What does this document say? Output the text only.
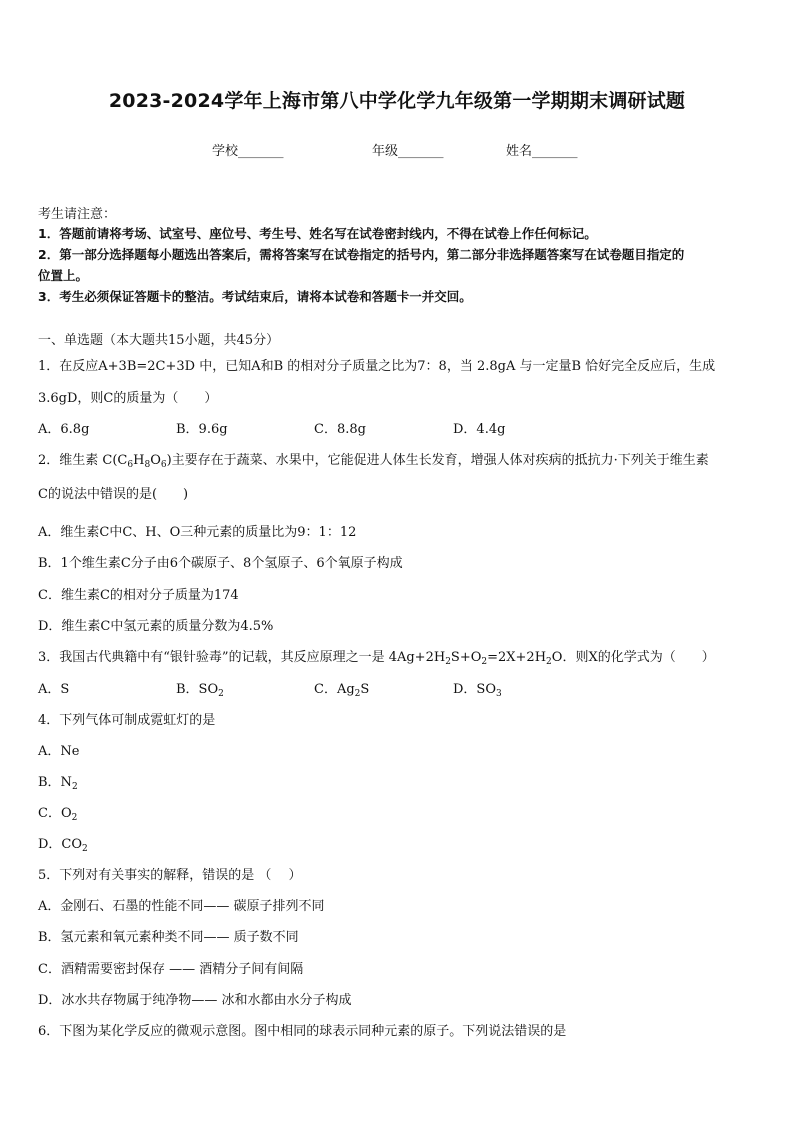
2023-2024学年上海市第八中学化学九年级第一学期期末调研试题
学校_______	年级_______	姓名_______
考生请注意：
1．答题前请将考场、试室号、座位号、考生号、姓名写在试卷密封线内，不得在试卷上作任何标记。
2．第一部分选择题每小题选出答案后，需将答案写在试卷指定的括号内，第二部分非选择题答案写在试卷题目指定的
位置上。
3．考生必须保证答题卡的整洁。考试结束后，请将本试卷和答题卡一并交回。
一、单选题（本大题共15小题，共45分）
1．在反应A+3B=2C+3D 中，已知A和B 的相对分子质量之比为7：8，当 2.8gA 与一定量B 恰好完全反应后，生成
3.6gD，则C的质量为（　　）
A．6.8g	B．9.6g	C．8.8g	D．4.4g
2．维生素 $C(C_6H_8O_6)$主要存在于蔬菜、水果中，它能促进人体生长发育，增强人体对疾病的抵抗力·下列关于维生素
C的说法中错误的是(　　)
A．维生素C中C、H、O三种元素的质量比为9：1：12
B．1个维生素C分子由6个碳原子、8个氢原子、6个氧原子构成
C．维生素C的相对分子质量为174
D．维生素C中氢元素的质量分数为4.5%
3．我国古代典籍中有“银针验毒”的记载，其反应原理之一是 $4Ag+2H_2S+O_2=2X+2H_2O$．则X的化学式为（　　）
A．S	B．$SO_2$	C．$Ag_2S$	D．$SO_3$
4．下列气体可制成霓虹灯的是
A．Ne
B．$N_2$
C．$O_2$
D．$CO_2$
5．下列对有关事实的解释，错误的是 （　 ）
A．金刚石、石墨的性能不同—— 碳原子排列不同
B．氢元素和氧元素种类不同—— 质子数不同
C．酒精需要密封保存 —— 酒精分子间有间隔
D．冰水共存物属于纯净物—— 冰和水都由水分子构成
6．下图为某化学反应的微观示意图。图中相同的球表示同种元素的原子。下列说法错误的是
